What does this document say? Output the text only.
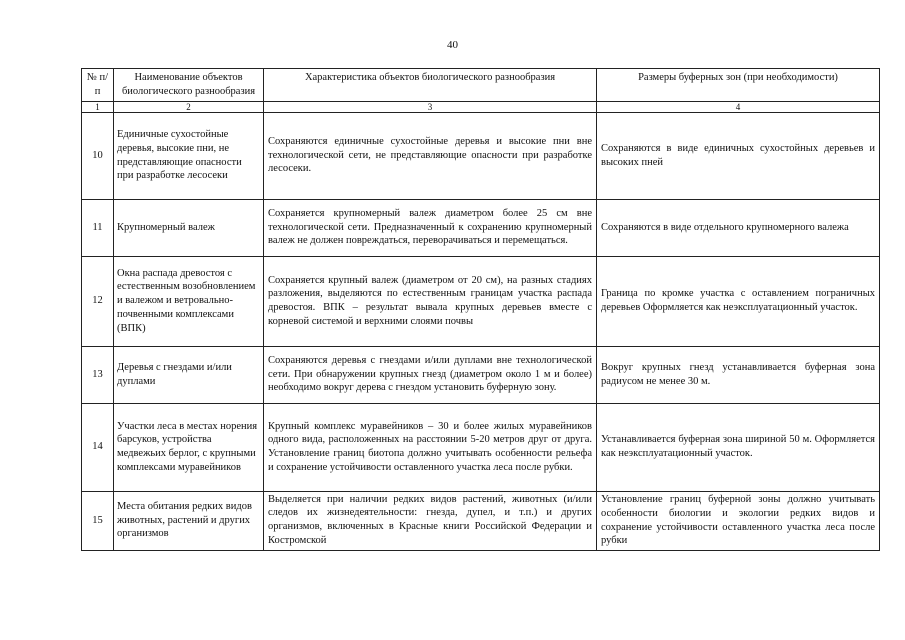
40
№ п/п	Наименование объектов биологического разнообразия	Характеристика объектов биологического разнообразия	Размеры буферных зон (при необходимости)
1	2	3	4
10	Единичные сухостойные деревья, высокие пни, не представляющие опасности при разработке лесосеки	Сохраняются единичные сухостойные деревья и высокие пни вне технологической сети, не представляющие опасности при разработке лесосеки.	Сохраняются в виде единичных сухостойных деревьев и высоких пней
11	Крупномерный валеж	Сохраняется крупномерный валеж диаметром более 25 см вне технологической сети. Предназначенный к сохранению крупномерный валеж не должен повреждаться, переворачиваться и перемещаться.	Сохраняются в виде отдельного крупномерного валежа
12	Окна распада древостоя с естественным возобновлением и валежом и ветровально-почвенными комплексами (ВПК)	Сохраняется крупный валеж (диаметром от 20 см), на разных стадиях разложения, выделяются по естественным границам участка распада древостоя. ВПК – результат вывала крупных деревьев вместе с корневой системой и верхними слоями почвы	Граница по кромке участка с оставлением пограничных деревьев Оформляется как неэксплуатационный участок.
13	Деревья с гнездами и/или дуплами	Сохраняются деревья с гнездами и/или дуплами вне технологической сети. При обнаружении крупных гнезд (диаметром около 1 м и более) необходимо вокруг дерева с гнездом установить буферную зону.	Вокруг крупных гнезд устанавливается буферная зона радиусом не менее 30 м.
14	Участки леса в местах норения барсуков, устройства медвежьих берлог, с крупными комплексами муравейников	Крупный комплекс муравейников – 30 и более жилых муравейников одного вида, расположенных на расстоянии 5-20 метров друг от друга. Установление границ биотопа должно учитывать особенности рельефа и сохранение устойчивости оставленного участка леса после рубки.	Устанавливается буферная зона шириной 50 м. Оформляется как неэксплуатационный участок.
15	Места обитания редких видов животных, растений и других организмов	Выделяется при наличии редких видов растений, животных (и/или следов их жизнедеятельности: гнезда, дупел, и т.п.) и других организмов, включенных в Красные книги Российской Федерации и Костромской	Установление границ буферной зоны должно учитывать особенности биологии и экологии редких видов и сохранение устойчивости оставленного участка леса после рубки
